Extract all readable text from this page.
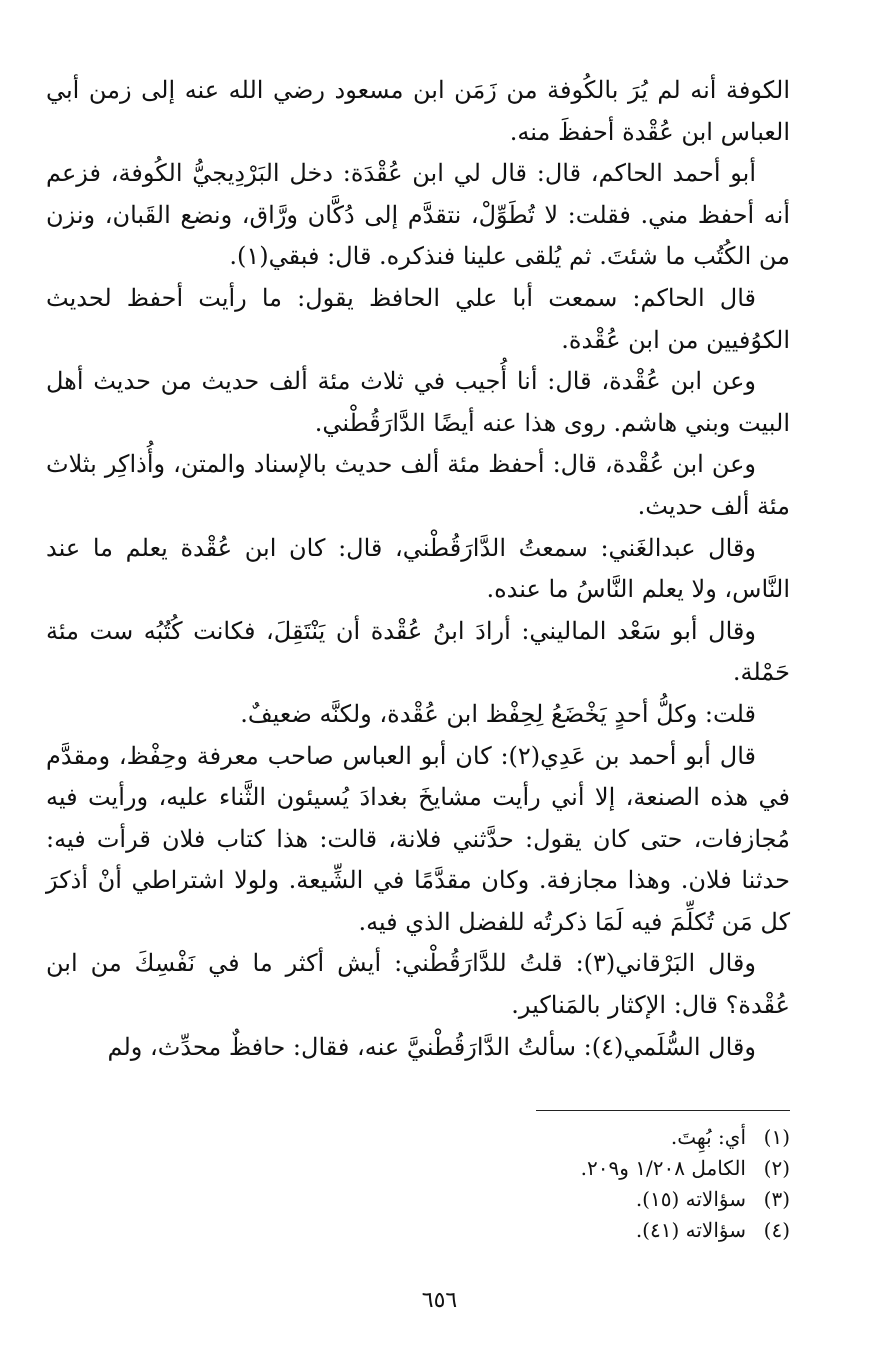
الكوفة أنه لم يُرَ بالكُوفة من زَمَن ابن مسعود رضي الله عنه إلى زمن أبي العباس ابن عُقْدة أحفظَ منه.

أبو أحمد الحاكم، قال: قال لي ابن عُقْدَة: دخل البَرْدِيجيُّ الكُوفة، فزعم أنه أحفظ مني. فقلت: لا تُطَوِّلْ، نتقدَّم إلى دُكَّان ورَّاق، ونضع القَبان، ونزن من الكُتُب ما شئتَ. ثم يُلقى علينا فنذكره. قال: فبقي(١).

قال الحاكم: سمعت أبا علي الحافظ يقول: ما رأيت أحفظ لحديث الكوُفيين من ابن عُقْدة.

وعن ابن عُقْدة، قال: أنا أُجيب في ثلاث مئة ألف حديث من حديث أهل البيت وبني هاشم. روى هذا عنه أيضًا الدَّارَقُطْني.

وعن ابن عُقْدة، قال: أحفظ مئة ألف حديث بالإسناد والمتن، وأُذاكِر بثلاث مئة ألف حديث.

وقال عبدالغَني: سمعتُ الدَّارَقُطْني، قال: كان ابن عُقْدة يعلم ما عند النَّاس، ولا يعلم النَّاسُ ما عنده.

وقال أبو سَعْد الماليني: أرادَ ابنُ عُقْدة أن يَنْتَقِلَ، فكانت كُتُبُه ست مئة حَمْلة.

قلت: وكلُّ أحدٍ يَخْضَعُ لِحِفْظ ابن عُقْدة، ولكنَّه ضعيفٌ.

قال أبو أحمد بن عَدِي(٢): كان أبو العباس صاحب معرفة وحِفْظ، ومقدَّم في هذه الصنعة، إلا أني رأيت مشايخَ بغدادَ يُسيئون الثَّناء عليه، ورأيت فيه مُجازفات، حتى كان يقول: حدَّثني فلانة، قالت: هذا كتاب فلان قرأت فيه: حدثنا فلان. وهذا مجازفة. وكان مقدَّمًا في الشِّيعة. ولولا اشتراطي أنْ أذكرَ كل مَن تُكلِّمَ فيه لَمَا ذكرتُه للفضل الذي فيه.

وقال البَرْقاني(٣): قلتُ للدَّارَقُطْني: أيش أكثر ما في نَفْسِكَ من ابن عُقْدة؟ قال: الإكثار بالمَناكير.

وقال السُّلَمي(٤): سألتُ الدَّارَقُطْنيَّ عنه، فقال: حافظٌ محدِّث، ولم

(١)أي: بُهِتَ.
(٢)الكامل ١/٢٠٨ و٢٠٩.
(٣)سؤالاته (١٥).
(٤)سؤالاته (٤١).
٦٥٦
